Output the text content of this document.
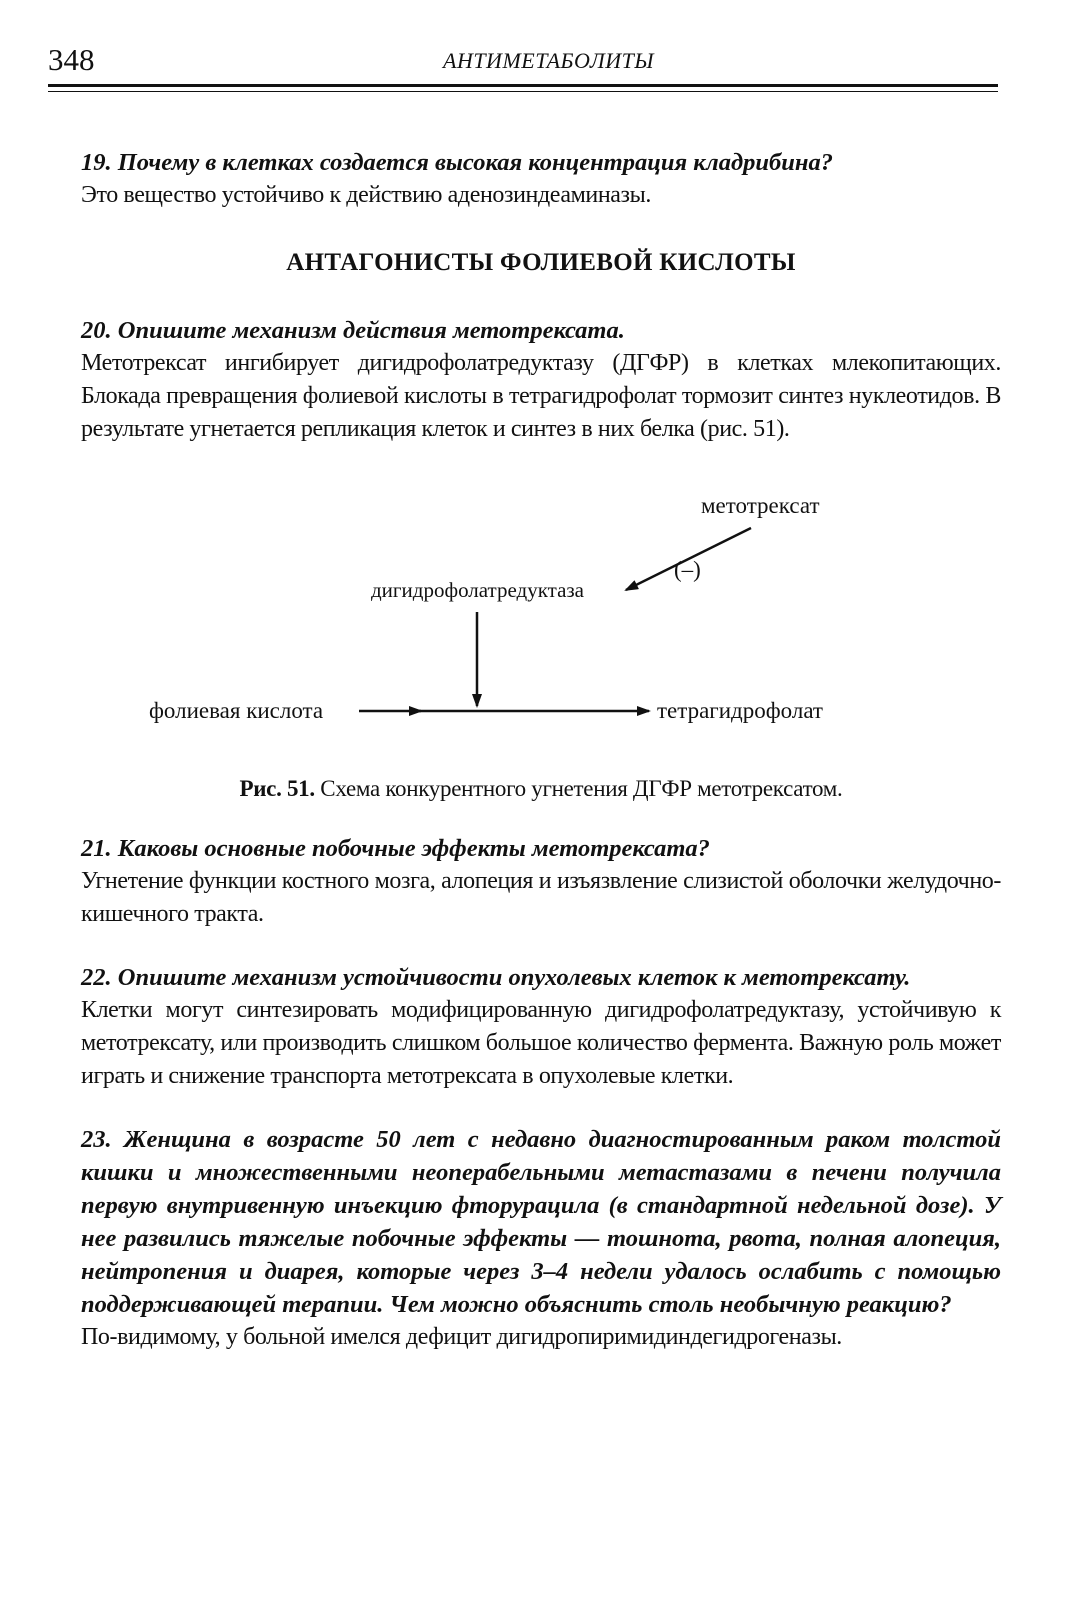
348	АНТИМЕТАБОЛИТЫ

19. Почему в клетках создается высокая концентрация кладрибина?

Это вещество устойчиво к действию аденозиндеаминазы.

АНТАГОНИСТЫ ФОЛИЕВОЙ КИСЛОТЫ

20. Опишите механизм действия метотрексата.

Метотрексат ингибирует дигидрофолатредуктазу (ДГФР) в клетках млекопитающих. Блокада превращения фолиевой кислоты в тетрагидрофолат тормозит синтез нуклеотидов. В результате угнетается репликация клеток и синтез в них белка (рис. 51).

метотрексат
дигидрофолатредуктаза
(–)
фолиевая кислота	тетрагидрофолат

Рис. 51. Схема конкурентного угнетения ДГФР метотрексатом.

21. Каковы основные побочные эффекты метотрексата?

Угнетение функции костного мозга, алопеция и изъязвление слизистой оболочки желудочно-кишечного тракта.

22. Опишите механизм устойчивости опухолевых клеток к метотрексату.

Клетки могут синтезировать модифицированную дигидрофолатредуктазу, устойчивую к метотрексату, или производить слишком большое количество фермента. Важную роль может играть и снижение транспорта метотрексата в опухолевые клетки.

23. Женщина в возрасте 50 лет с недавно диагностированным раком толстой кишки и множественными неоперабельными метастазами в печени получила первую внутривенную инъекцию фторурацила (в стандартной недельной дозе). У нее развились тяжелые побочные эффекты — тошнота, рвота, полная алопеция, нейтропения и диарея, которые через 3–4 недели удалось ослабить с помощью поддерживающей терапии. Чем можно объяснить столь необычную реакцию?

По-видимому, у больной имелся дефицит дигидропиримидиндегидрогеназы.
